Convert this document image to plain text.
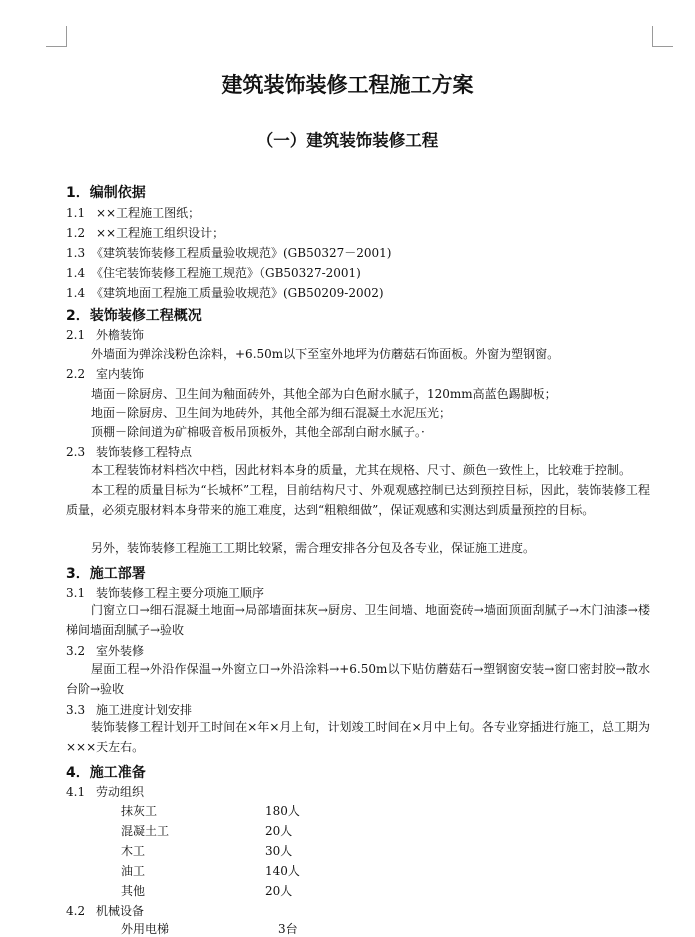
建筑装饰装修工程施工方案
（一）建筑装饰装修工程
1．编制依据
1.1 ××工程施工图纸；
1.2 ××工程施工组织设计；
1.3 《建筑装饰装修工程质量验收规范》(GB50327－2001)
1.4 《住宅装饰装修工程施工规范》（GB50327-2001)
1.4 《建筑地面工程施工质量验收规范》(GB50209-2002)
2．装饰装修工程概况
2.1 外檐装饰
外墙面为弹涂浅粉色涂料，+6.50m以下至室外地坪为仿蘑菇石饰面板。外窗为塑钢窗。
2.2 室内装饰
墙面－除厨房、卫生间为釉面砖外，其他全部为白色耐水腻子，120mm高蓝色踢脚板；
地面－除厨房、卫生间为地砖外，其他全部为细石混凝土水泥压光；
顶棚－除间道为矿棉吸音板吊顶板外，其他全部刮白耐水腻子。·
2.3 装饰装修工程特点
本工程装饰材料档次中档，因此材料本身的质量，尤其在规格、尺寸、颜色一致性上，比较难于控制。
本工程的质量目标为“长城杯”工程，目前结构尺寸、外观观感控制已达到预控目标，因此，装饰装修工程质量，必须克服材料本身带来的施工难度，达到“粗粮细做”，保证观感和实测达到质量预控的目标。
另外，装饰装修工程施工工期比较紧，需合理安排各分包及各专业，保证施工进度。
3．施工部署
3.1 装饰装修工程主要分项施工顺序
门窗立口→细石混凝土地面→局部墙面抹灰→厨房、卫生间墙、地面瓷砖→墙面顶面刮腻子→木门油漆→楼梯间墙面刮腻子→验收
3.2 室外装修
屋面工程→外沿作保温→外窗立口→外沿涂料→+6.50m以下贴仿蘑菇石→塑钢窗安装→窗口密封胶→散水台阶→验收
3.3 施工进度计划安排
装饰装修工程计划开工时间在×年×月上旬，计划竣工时间在×月中上旬。各专业穿插进行施工，总工期为×××天左右。
4．施工准备
4.1 劳动组织
抹灰工	180人
混凝土工	20人
木工	30人
油工	140人
其他	20人
4.2 机械设备
外用电梯	3台
